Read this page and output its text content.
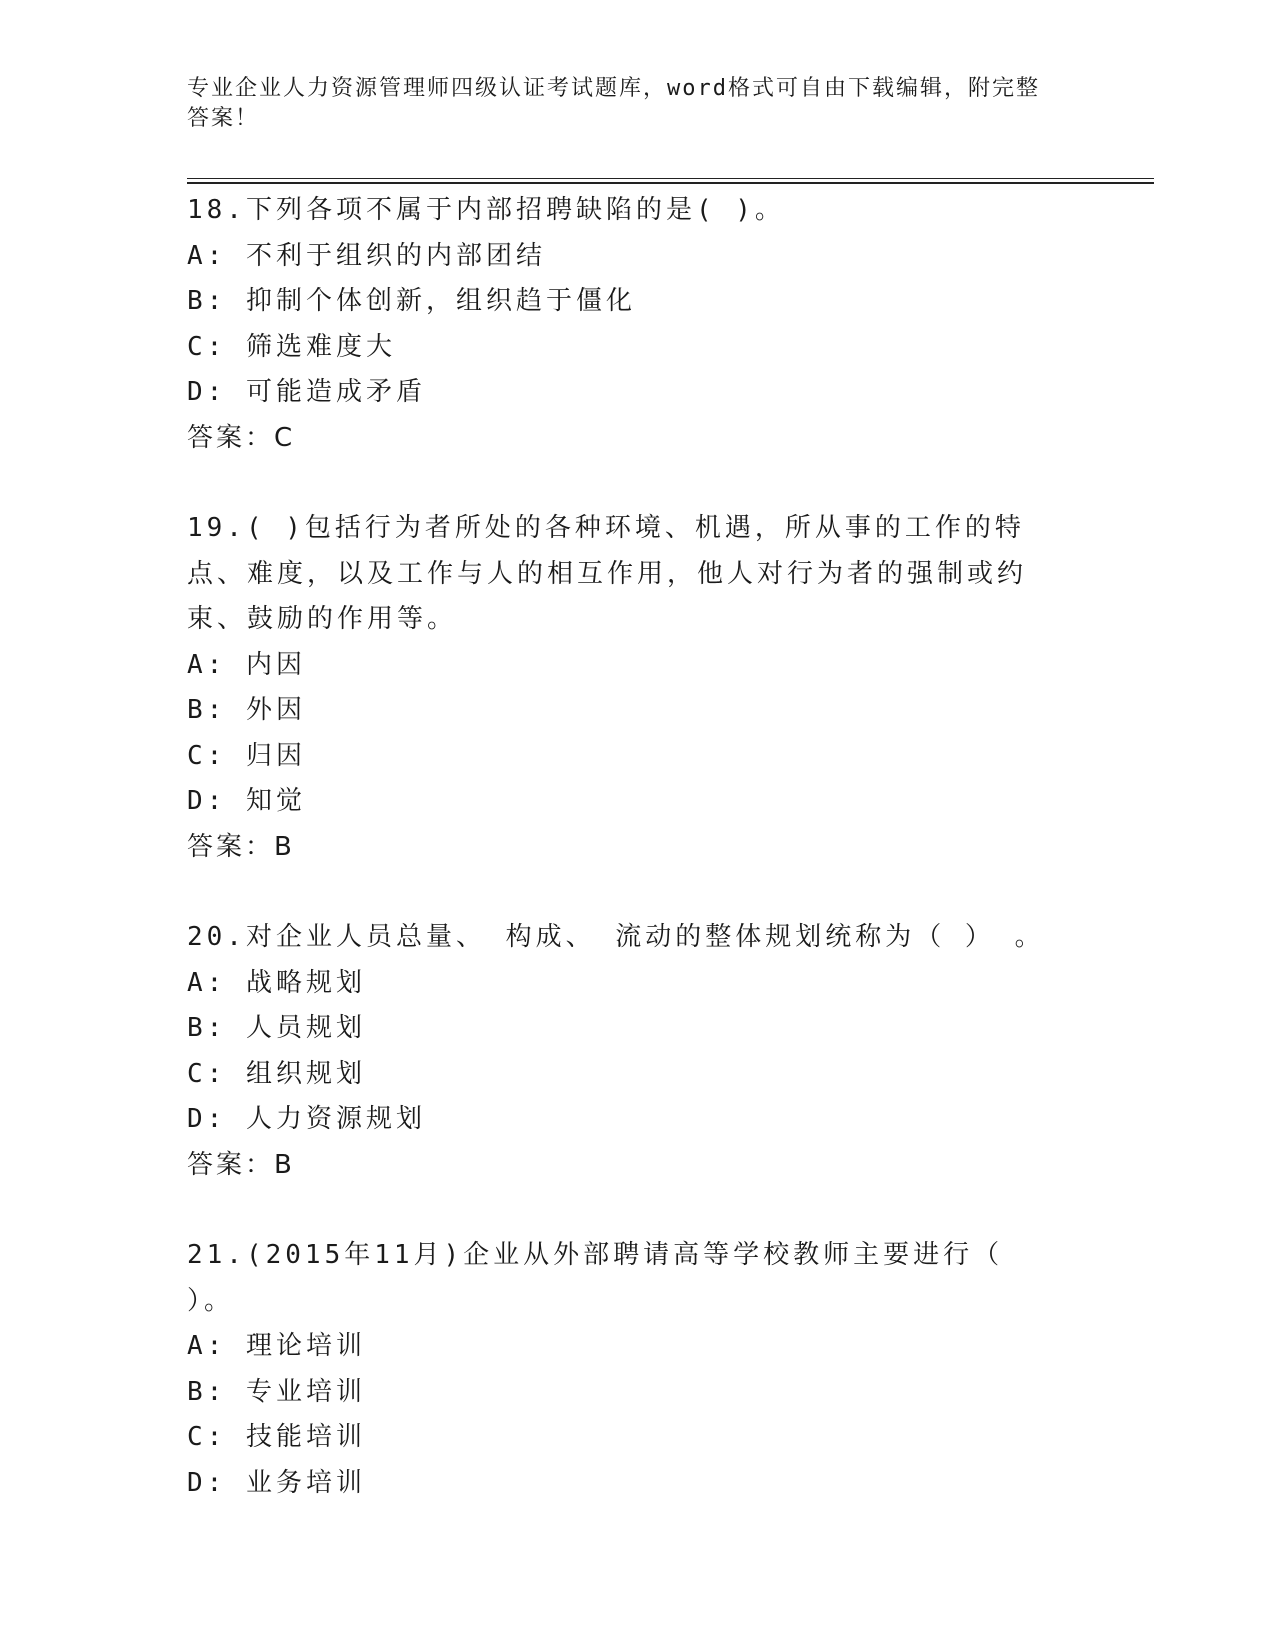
专业企业人力资源管理师四级认证考试题库，word格式可自由下载编辑，附完整
答案！
18.下列各项不属于内部招聘缺陷的是( )。
A: 不利于组织的内部团结
B: 抑制个体创新，组织趋于僵化
C: 筛选难度大
D: 可能造成矛盾
答案：C
19.( )包括行为者所处的各种环境、机遇，所从事的工作的特点、难度，以及工作与人的相互作用，他人对行为者的强制或约束、鼓励的作用等。
A: 内因
B: 外因
C: 归因
D: 知觉
答案：B
20.对企业人员总量、 构成、 流动的整体规划统称为（ ） 。
A: 战略规划
B: 人员规划
C: 组织规划
D: 人力资源规划
答案：B
21.(2015年11月)企业从外部聘请高等学校教师主要进行（ ）。
A: 理论培训
B: 专业培训
C: 技能培训
D: 业务培训
